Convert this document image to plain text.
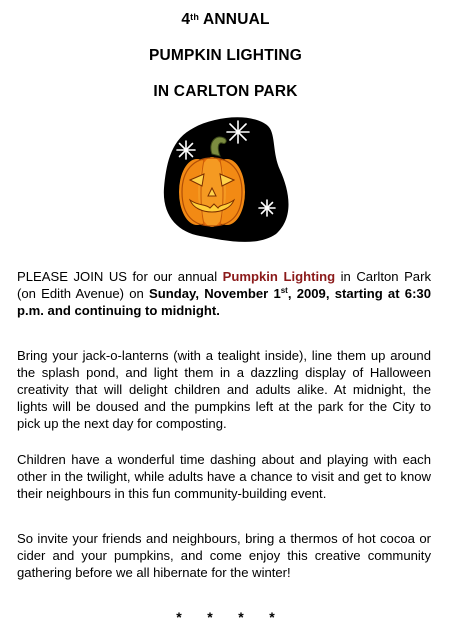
4th ANNUAL
PUMPKIN LIGHTING
IN CARLTON PARK

PLEASE JOIN US for our annual Pumpkin Lighting in Carlton Park (on Edith Avenue) on Sunday, November 1st, 2009, starting at 6:30 p.m. and continuing to midnight.

Bring your jack-o-lanterns (with a tealight inside), line them up around the splash pond, and light them in a dazzling display of Halloween creativity that will delight children and adults alike. At midnight, the lights will be doused and the pumpkins left at the park for the City to pick up the next day for composting.

Children have a wonderful time dashing about and playing with each other in the twilight, while adults have a chance to visit and get to know their neighbours in this fun community-building event.

So invite your friends and neighbours, bring a thermos of hot cocoa or cider and your pumpkins, and come enjoy this creative community gathering before we all hibernate for the winter!

* * * *
